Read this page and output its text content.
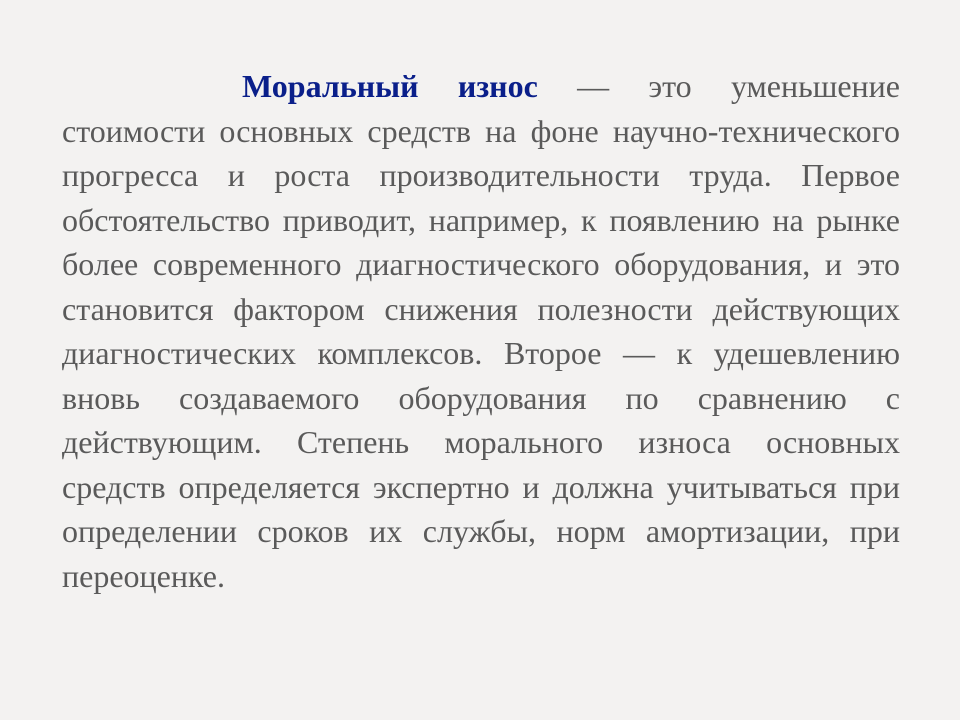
Моральный износ — это уменьшение стоимости основных средств на фоне научно-технического прогресса и роста производительности труда. Первое обстоятельство приводит, например, к появлению на рынке более современного диагностического оборудования, и это становится фактором снижения полезности действующих диагностических комплексов. Второе — к удешевлению вновь создаваемого оборудования по сравнению с действующим. Степень морального износа основных средств определяется экспертно и должна учитываться при определении сроков их службы, норм амортизации, при переоценке.
